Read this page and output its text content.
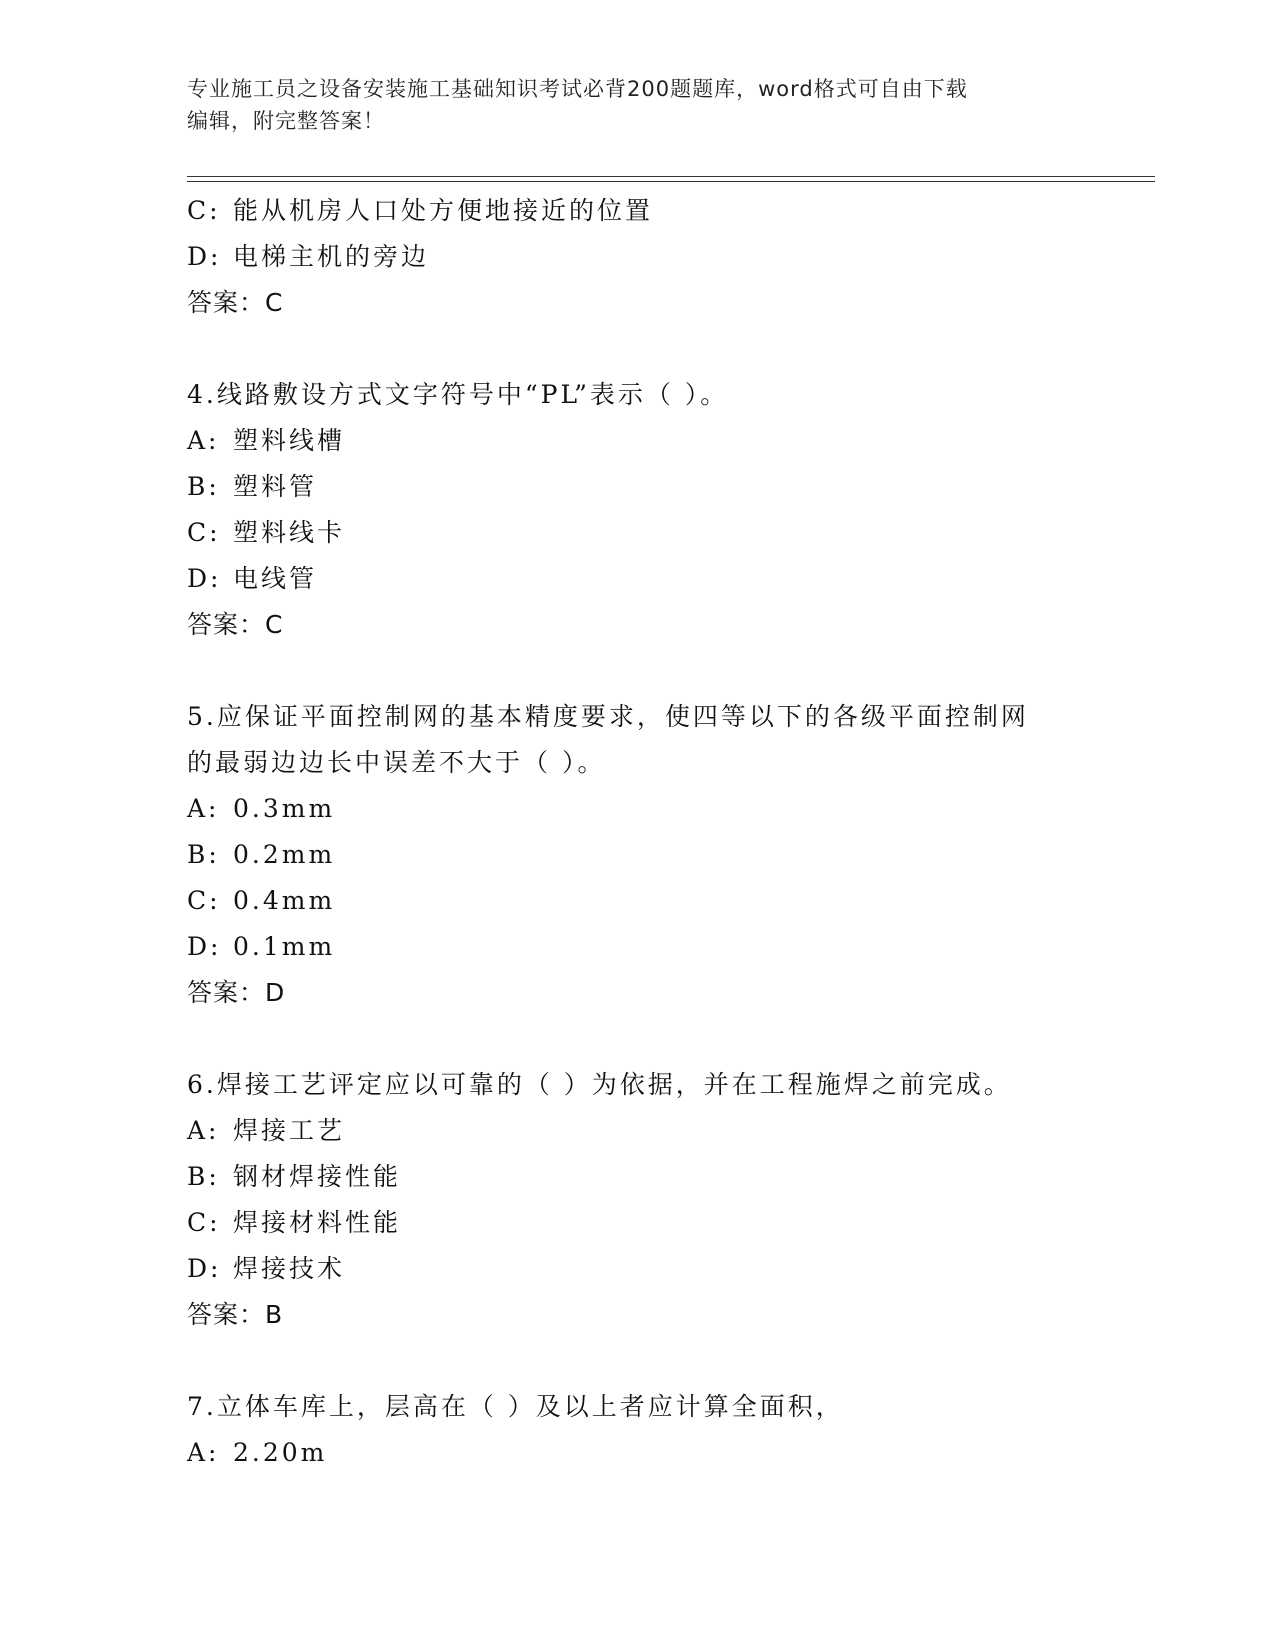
专业施工员之设备安装施工基础知识考试必背200题题库，word格式可自由下载
编辑，附完整答案！
C: 能从机房人口处方便地接近的位置
D: 电梯主机的旁边
答案：C
4.线路敷设方式文字符号中“PL”表示（ ）。
A: 塑料线槽
B: 塑料管
C: 塑料线卡
D: 电线管
答案：C
5.应保证平面控制网的基本精度要求，使四等以下的各级平面控制网
的最弱边边长中误差不大于（ ）。
A: 0.3mm
B: 0.2mm
C: 0.4mm
D: 0.1mm
答案：D
6.焊接工艺评定应以可靠的（ ）为依据，并在工程施焊之前完成。
A: 焊接工艺
B: 钢材焊接性能
C: 焊接材料性能
D: 焊接技术
答案：B
7.立体车库上，层高在（ ）及以上者应计算全面积，
A: 2.20m
